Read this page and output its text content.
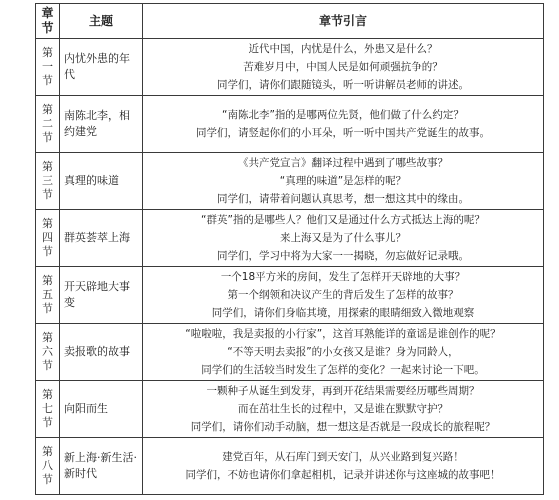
章节	主题	章节引言

第一节	内忧外患的年代	近代中国，内忧是什么，外患又是什么？
苦难岁月中，中国人民是如何顽强抗争的？
同学们，请你们跟随镜头，听一听讲解员老师的讲述。

第二节	南陈北李，相约建党	“南陈北李”指的是哪两位先贤，他们做了什么约定？
同学们，请竖起你们的小耳朵，听一听中国共产党诞生的故事。

第三节	真理的味道	《共产党宣言》翻译过程中遇到了哪些故事？
“真理的味道”是怎样的呢？
同学们，请带着问题认真思考，想一想这其中的缘由。

第四节	群英荟萃上海	“群英”指的是哪些人？他们又是通过什么方式抵达上海的呢？
来上海又是为了什么事儿？
同学们，学习中将为大家一一揭晓，勿忘做好记录哦。

第五节	开天辟地大事变	一个18平方米的房间，发生了怎样开天辟地的大事？
第一个纲领和决议产生的背后发生了怎样的故事？
同学们，请你们身临其境，用探索的眼睛细致入微地观察

第六节	卖报歌的故事	“啦啦啦，我是卖报的小行家”，这首耳熟能详的童谣是谁创作的呢？
“不等天明去卖报”的小女孩又是谁？身为同龄人，
同学们的生活较当时发生了怎样的变化？一起来讨论一下吧。

第七节	向阳而生	一颗种子从诞生到发芽，再到开花结果需要经历哪些周期？
而在茁壮生长的过程中，又是谁在默默守护？
同学们，请你们动手动脑，想一想这是否就是一段成长的旅程呢？

第八节	新上海·新生活·新时代	建党百年，从石库门到天安门，从兴业路到复兴路！
同学们，不妨也请你们拿起相机，记录并讲述你与这座城的故事吧！
